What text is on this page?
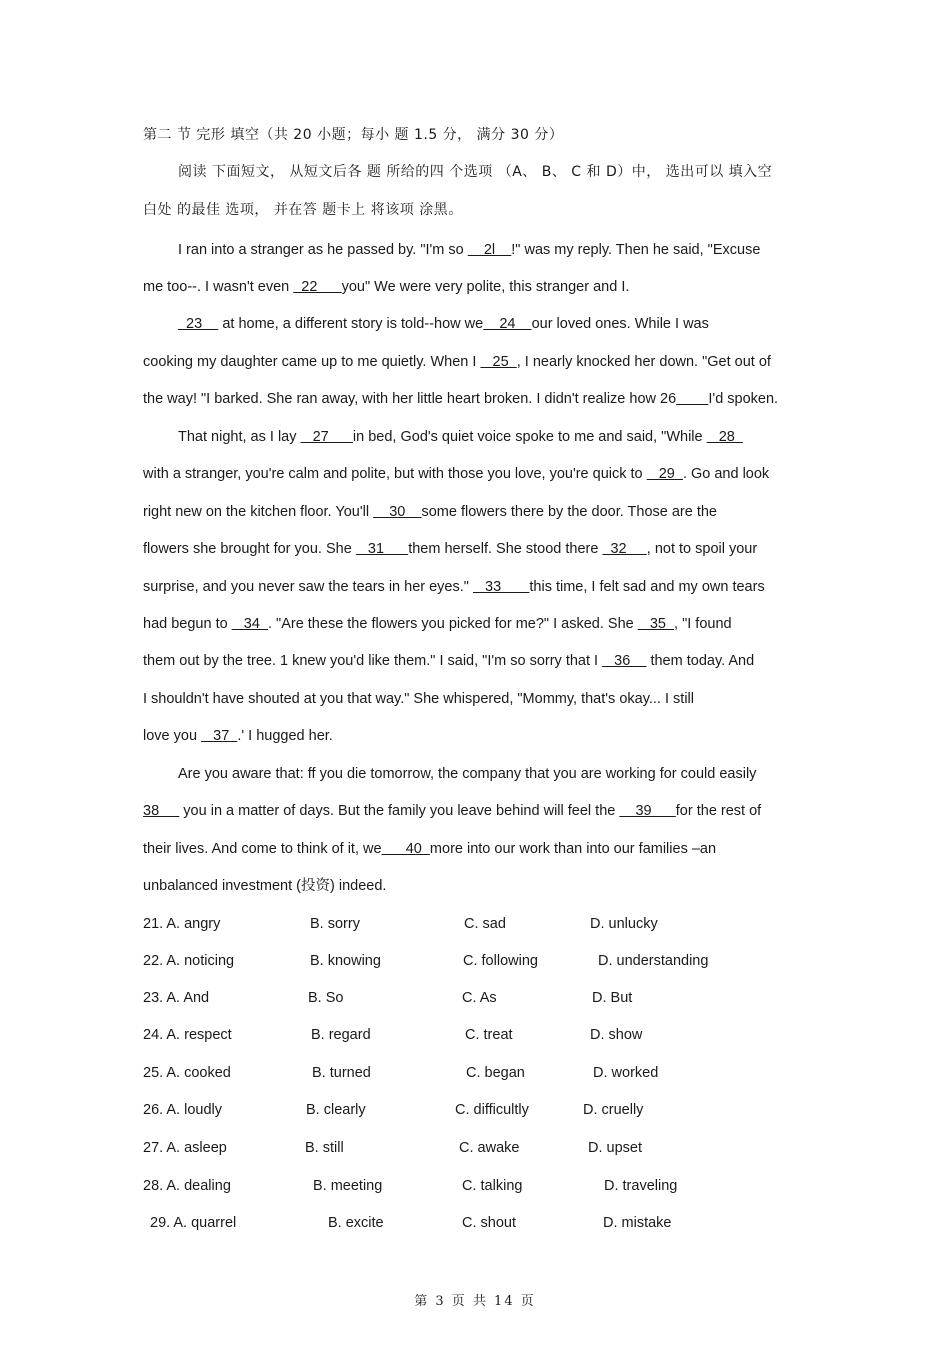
第二 节 完形 填空（共 20 小题；每小 题 1.5 分， 满分 30 分）
阅读 下面短文， 从短文后各 题 所给的四 个选项 （A、 B、 C 和 D）中， 选出可以 填入空
白处 的最佳 选项， 并在答 题卡上 将该项 涂黑。
I ran into a stranger as he passed by. "I'm so     2l    !" was my reply. Then he said, "Excuse
me too--. I wasn't even   22      you" We were very polite, this stranger and I.
23     at home, a different story is told--how we    24    our loved ones. While I was
cooking my daughter came up to me quietly. When I    25  , I nearly knocked her down. "Get out of
the way! "I barked. She ran away, with her little heart broken. I didn't realize how 26 I'd spoken.
That night, as I lay    27      in bed, God's quiet voice spoke to me and said, "While    28
with a stranger, you're calm and polite, but with those you love, you're quick to    29  . Go and look
right new on the kitchen floor. You'll     30    some flowers there by the door. Those are the
flowers she brought for you. She    31      them herself. She stood there   32     , not to spoil your
surprise, and you never saw the tears in her eyes."    33       this time, I felt sad and my own tears
had begun to    34  . "Are these the flowers you picked for me?" I asked. She    35  , "I found
them out by the tree. 1 knew you'd like them." I said, "I'm so sorry that I    36     them today. And
I shouldn't have shouted at you that way." She whispered, "Mommy, that's okay... I still
love you    37  .' I hugged her.
Are you aware that: ff you die tomorrow, the company that you are working for could easily
38      you in a matter of days. But the family you leave behind will feel the     39      for the rest of
their lives. And come to think of it, we      40  more into our work than into our families –an
unbalanced investment (投资) indeed.
21. A. angry	B. sorry	C. sad	D. unlucky
22. A. noticing	B. knowing	C. following	D. understanding
23. A. And	B. So	C. As	D. But
24. A. respect	B. regard	C. treat	D. show
25. A. cooked	B. turned	C. began	D. worked
26. A. loudly	B. clearly	C. difficultly	D. cruelly
27. A. asleep	B. still	C. awake	D. upset
28. A. dealing	B. meeting	C. talking	D. traveling
29. A. quarrel	B. excite	C. shout	D. mistake
第 3 页 共 14 页
